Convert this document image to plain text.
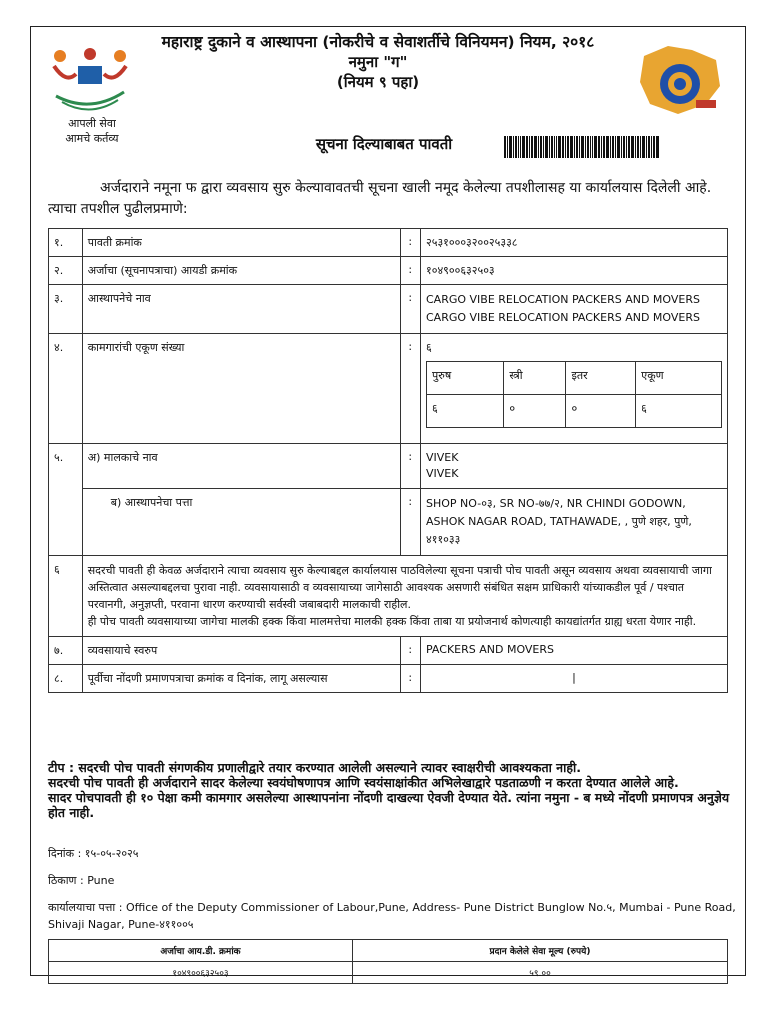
आपली सेवा
आमचे कर्तव्य
महाराष्ट्र दुकाने व आस्थापना (नोकरीचे व सेवाशर्तीचे विनियमन) नियम, २०१८
नमुना "ग"
(नियम ९ पहा)
सूचना दिल्याबाबत पावती
अर्जदाराने नमूना फ द्वारा व्यवसाय सुरु केल्यावावतची सूचना खाली नमूद केलेल्या तपशीलासह या कार्यालयास दिलेली आहे. त्याचा तपशील पुढीलप्रमाणे:
१.	पावती क्रमांक	:	२५३१०००३२००२५३३८
२.	अर्जाचा (सूचनापत्राचा) आयडी क्रमांक	:	१०४९००६३२५०३
३.	आस्थापनेचे नाव	:	CARGO VIBE RELOCATION PACKERS AND MOVERS
CARGO VIBE RELOCATION PACKERS AND MOVERS

४.	कामगारांची एकूण संख्या	:	६
पुरुष	स्त्री	इतर	एकूण
६	०	०	६

५.	अ) मालकाचे नाव	:	VIVEK
VIVEK

ब) आस्थापनेचा पत्ता	:	SHOP NO-०३, SR NO-७७/२, NR CHINDI GODOWN, ASHOK NAGAR ROAD, TATHAWADE, , पुणे शहर, पुणे, ४११०३३
६	सदरची पावती ही केवळ अर्जदाराने त्याचा व्यवसाय सुरु केल्याबद्दल कार्यालयास पाठविलेल्या सूचना पत्राची पोच पावती असून व्यवसाय अथवा व्यवसायाची जागा अस्तित्वात असल्याबद्दलचा पुरावा नाही. व्यवसायासाठी व व्यवसायाच्या जागेसाठी आवश्यक असणारी संबंधित सक्षम प्राधिकारी यांच्याकडील पूर्व / पश्चात परवानगी, अनुज्ञप्ती, परवाना धारण करण्याची सर्वस्वी जबाबदारी मालकाची राहील.
ही पोच पावती व्यवसायाच्या जागेचा मालकी हक्क किंवा मालमत्तेचा मालकी हक्क किंवा ताबा या प्रयोजनार्थ कोणत्याही कायद्यांतर्गत ग्राह्य धरता येणार नाही.

७.	व्यवसायाचे स्वरुप	:	PACKERS AND MOVERS
८.	पूर्वीचा नोंदणी प्रमाणपत्राचा क्रमांक व दिनांक, लागू असल्यास	:	|
टीप : सदरची पोच पावती संगणकीय प्रणालीद्वारे तयार करण्यात आलेली असल्याने त्यावर स्वाक्षरीची आवश्यकता नाही.
सदरची पोच पावती ही अर्जदाराने सादर केलेल्या स्वयंघोषणापत्र आणि स्वयंसाक्षांकीत अभिलेखाद्वारे पडताळणी न करता देण्यात आलेले आहे.
सादर पोचपावती ही १० पेक्षा कमी कामगार असलेल्या आस्थापनांना नोंदणी दाखल्या ऐवजी देण्यात येते. त्यांना नमुना - ब मध्ये नोंदणी प्रमाणपत्र अनुज्ञेय होत नाही.
दिनांक : १५-०५-२०२५
ठिकाण : Pune
कार्यालयाचा पत्ता : Office of the Deputy Commissioner of Labour,Pune, Address- Pune District Bunglow No.५, Mumbai - Pune Road, Shivaji Nagar, Pune-४११००५
अर्जाचा आय.डी. क्रमांक	प्रदान केलेले सेवा मूल्य (रुपये)
१०४९००६३२५०३	५९.००
